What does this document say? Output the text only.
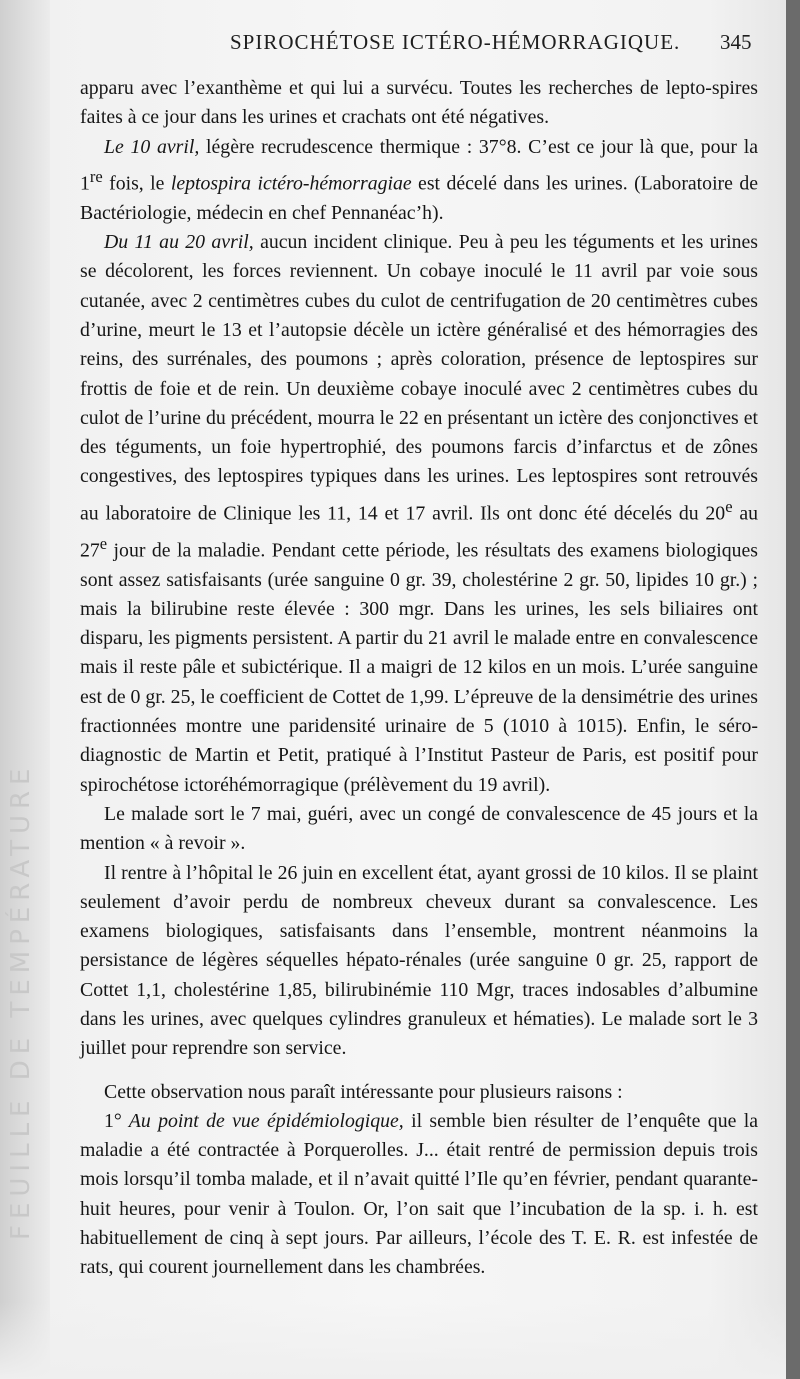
FEUILLE DE TEMPÉRATURE
SPIROCHÉTOSE ICTÉRO-HÉMORRAGIQUE. 345

apparu avec l’exanthème et qui lui a survécu. Toutes les recherches de lepto-spires faites à ce jour dans les urines et crachats ont été négatives.

Le 10 avril, légère recrudescence thermique : 37°8. C’est ce jour là que, pour la 1re fois, le leptospira ictéro-hémorragiae est décelé dans les urines. (Laboratoire de Bactériologie, médecin en chef Pennanéac’h).

Du 11 au 20 avril, aucun incident clinique. Peu à peu les téguments et les urines se décolorent, les forces reviennent. Un cobaye inoculé le 11 avril par voie sous cutanée, avec 2 centimètres cubes du culot de centrifugation de 20 centimètres cubes d’urine, meurt le 13 et l’autopsie décèle un ictère généralisé et des hémorragies des reins, des surrénales, des poumons ; après coloration, présence de leptospires sur frottis de foie et de rein. Un deuxième cobaye inoculé avec 2 centimètres cubes du culot de l’urine du précédent, mourra le 22 en présentant un ictère des conjonctives et des téguments, un foie hypertrophié, des poumons farcis d’infarctus et de zônes congestives, des leptospires typiques dans les urines. Les leptospires sont retrouvés au laboratoire de Clinique les 11, 14 et 17 avril. Ils ont donc été décelés du 20e au 27e jour de la maladie. Pendant cette période, les résultats des examens biologiques sont assez satisfaisants (urée sanguine 0 gr. 39, cholestérine 2 gr. 50, lipides 10 gr.) ; mais la bilirubine reste élevée : 300 mgr. Dans les urines, les sels biliaires ont disparu, les pigments persistent. A partir du 21 avril le malade entre en convalescence mais il reste pâle et subictérique. Il a maigri de 12 kilos en un mois. L’urée sanguine est de 0 gr. 25, le coefficient de Cottet de 1,99. L’épreuve de la densimétrie des urines fractionnées montre une paridensité urinaire de 5 (1010 à 1015). Enfin, le séro-diagnostic de Martin et Petit, pratiqué à l’Institut Pasteur de Paris, est positif pour spirochétose ictoréhémorragique (prélèvement du 19 avril).

Le malade sort le 7 mai, guéri, avec un congé de convalescence de 45 jours et la mention « à revoir ».

Il rentre à l’hôpital le 26 juin en excellent état, ayant grossi de 10 kilos. Il se plaint seulement d’avoir perdu de nombreux cheveux durant sa convalescence. Les examens biologiques, satisfaisants dans l’ensemble, montrent néanmoins la persistance de légères séquelles hépato-rénales (urée sanguine 0 gr. 25, rapport de Cottet 1,1, cholestérine 1,85, bilirubinémie 110 Mgr, traces indosables d’albumine dans les urines, avec quelques cylindres granuleux et hématies). Le malade sort le 3 juillet pour reprendre son service.

Cette observation nous paraît intéressante pour plusieurs raisons :

1° Au point de vue épidémiologique, il semble bien résulter de l’enquête que la maladie a été contractée à Porquerolles. J... était rentré de permission depuis trois mois lorsqu’il tomba malade, et il n’avait quitté l’Ile qu’en février, pendant quarante-huit heures, pour venir à Toulon. Or, l’on sait que l’incubation de la sp. i. h. est habituellement de cinq à sept jours. Par ailleurs, l’école des T. E. R. est infestée de rats, qui courent journellement dans les chambrées.
